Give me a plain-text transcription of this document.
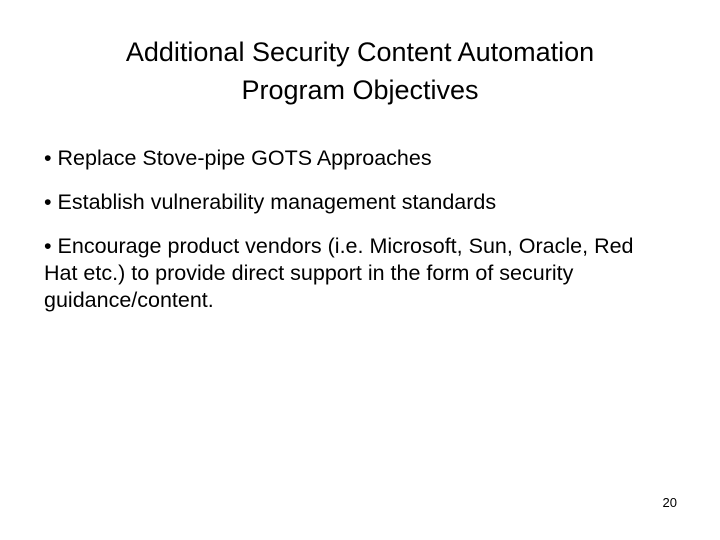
Additional Security Content Automation
Program Objectives
• Replace Stove-pipe GOTS Approaches
• Establish vulnerability management standards
• Encourage product vendors (i.e. Microsoft, Sun, Oracle, Red Hat etc.) to provide direct support in the form of security guidance/content.
20
